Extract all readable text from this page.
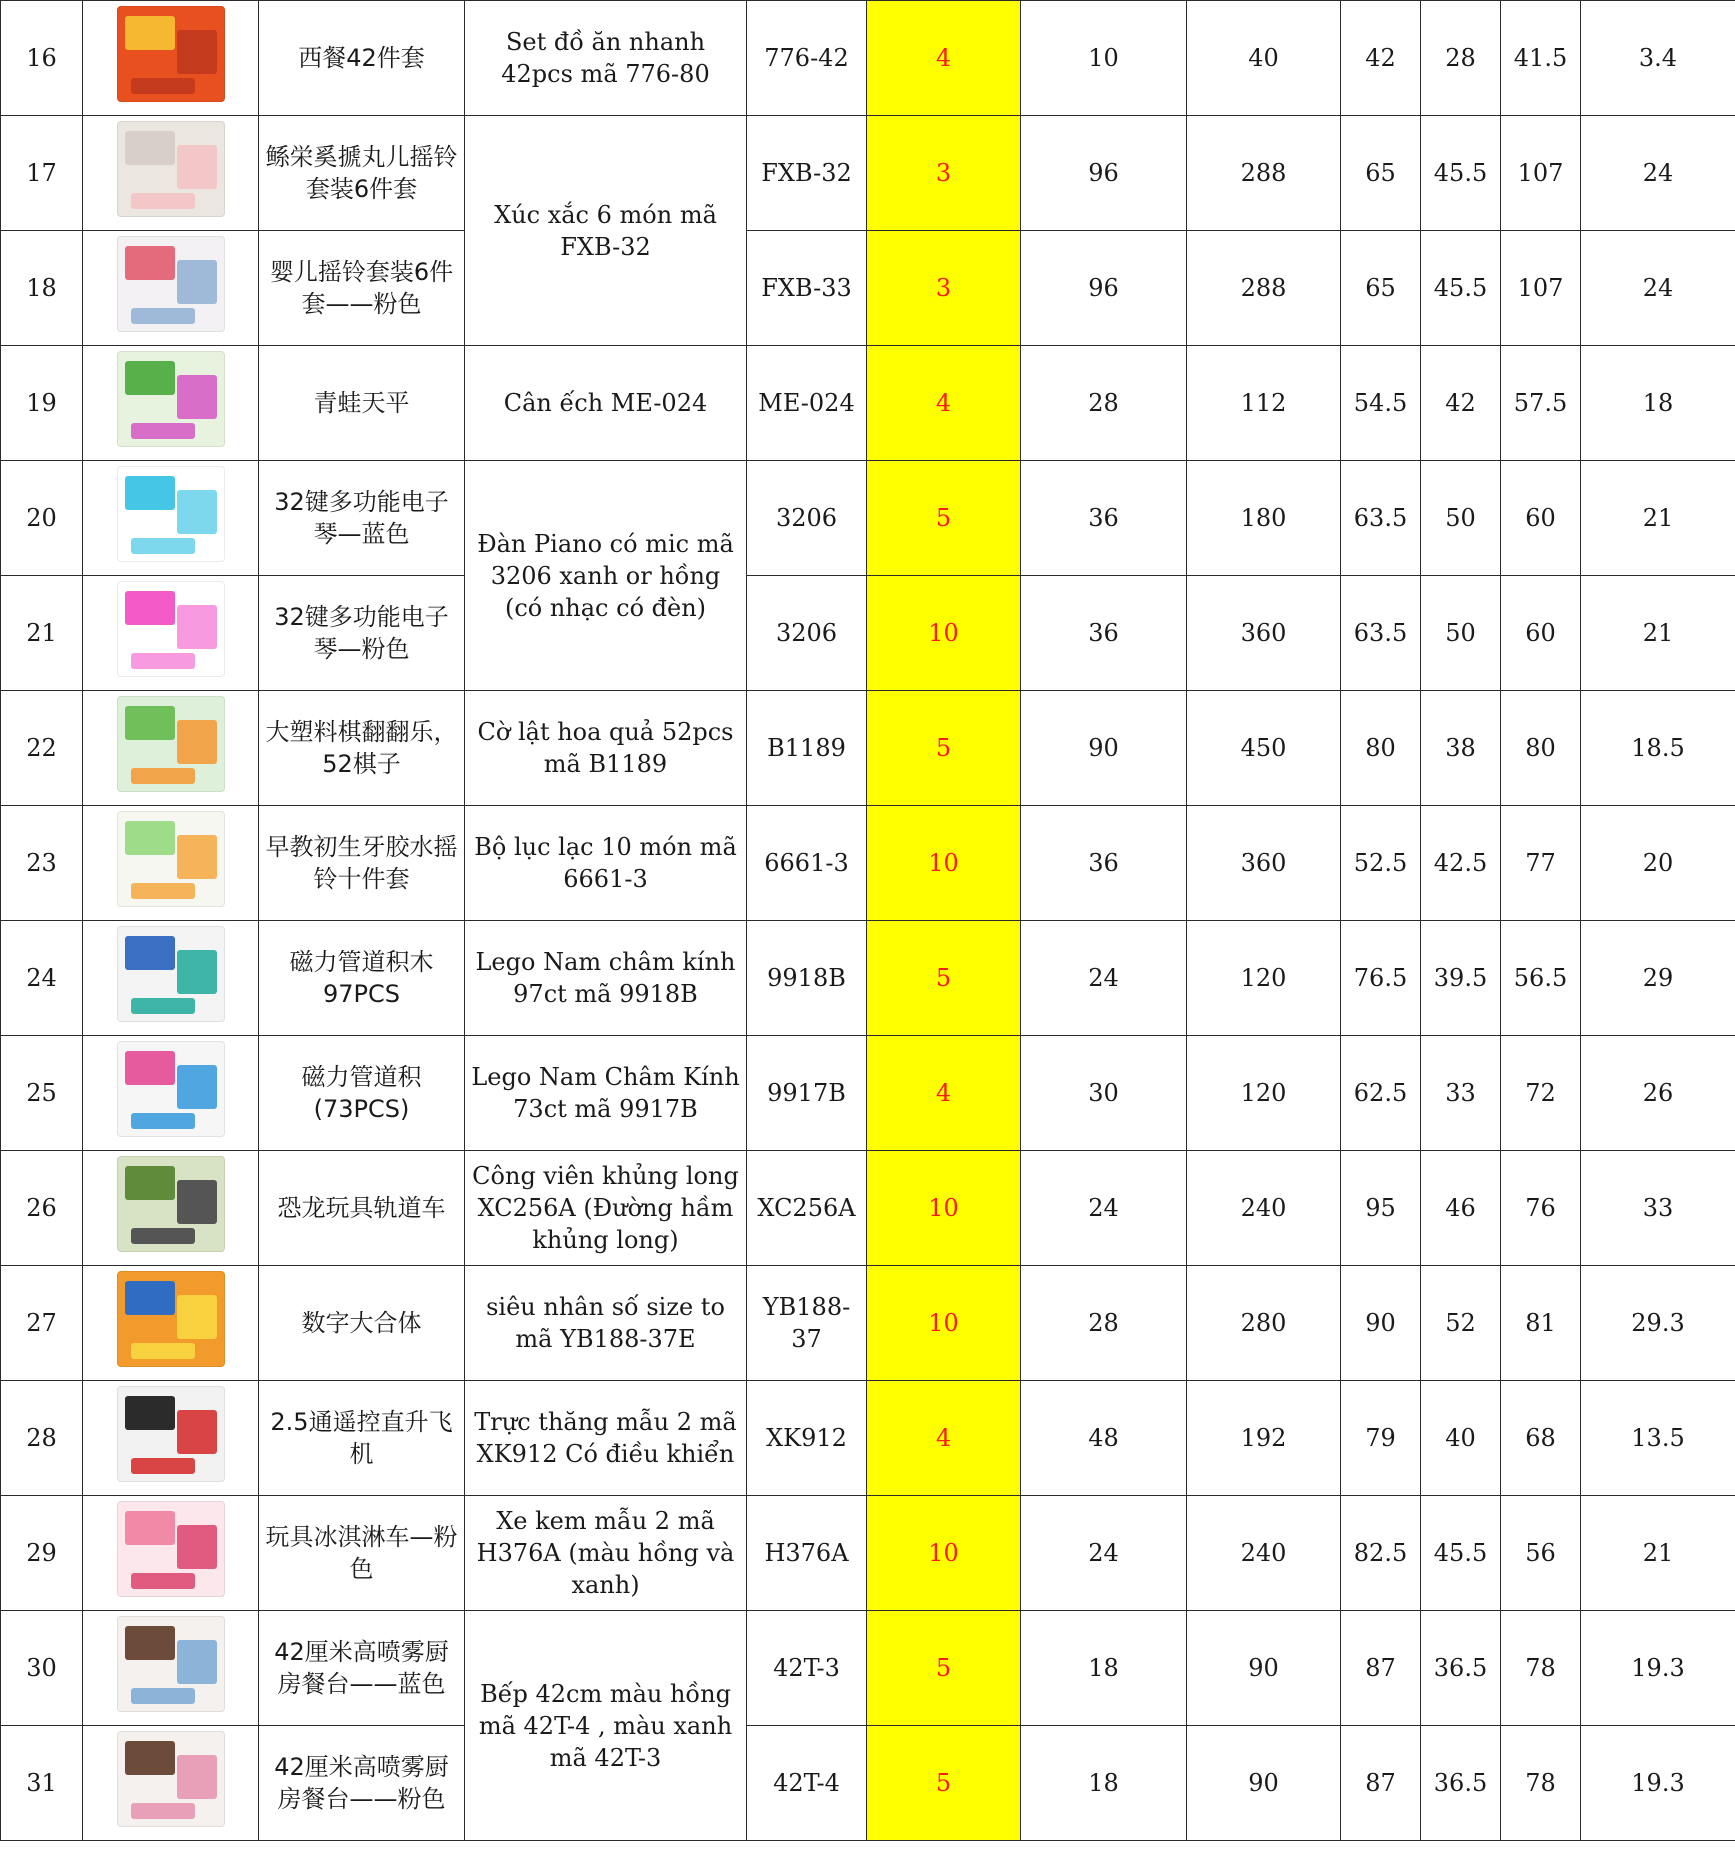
16		西餐42件套	Set đồ ăn nhanh 42pcs mã 776-80	776-42	4	10	40	42	28	41.5	3.4
17		鲧栄奚搋丸儿摇铃套装6件套	Xúc xắc 6 món mã FXB-32	FXB-32	3	96	288	65	45.5	107	24
18		婴儿摇铃套装6件套——粉色		FXB-33	3	96	288	65	45.5	107	24
19		青蛙天平	Cân ếch ME-024	ME-024	4	28	112	54.5	42	57.5	18
20		32键多功能电子琴—蓝色	Đàn Piano có mic mã 3206 xanh or hồng (có nhạc có đèn)	3206	5	36	180	63.5	50	60	21
21		32键多功能电子琴—粉色		3206	10	36	360	63.5	50	60	21
22		大塑料棋翻翻乐，52棋子	Cờ lật hoa quả 52pcs mã B1189	B1189	5	90	450	80	38	80	18.5
23		早教初生牙胶水摇铃十件套	Bộ lục lạc 10 món mã 6661-3	6661-3	10	36	360	52.5	42.5	77	20
24		磁力管道积木97PCS	Lego Nam châm kính 97ct mã 9918B	9918B	5	24	120	76.5	39.5	56.5	29
25		磁力管道积(73PCS)	Lego Nam Châm Kính 73ct mã 9917B	9917B	4	30	120	62.5	33	72	26
26		恐龙玩具轨道车	Công viên khủng long XC256A (Đường hầm khủng long)	XC256A	10	24	240	95	46	76	33
27		数字大合体	siêu nhân số size to mã YB188-37E	YB188-37	10	28	280	90	52	81	29.3
28		2.5通遥控直升飞机	Trực thăng mẫu 2 mã XK912 Có điều khiển	XK912	4	48	192	79	40	68	13.5
29		玩具冰淇淋车—粉色	Xe kem mẫu 2 mã H376A (màu hồng và xanh)	H376A	10	24	240	82.5	45.5	56	21
30		42厘米高喷雾厨房餐台——蓝色	Bếp 42cm màu hồng mã 42T-4 , màu xanh mã 42T-3	42T-3	5	18	90	87	36.5	78	19.3
31		42厘米高喷雾厨房餐台——粉色		42T-4	5	18	90	87	36.5	78	19.3
